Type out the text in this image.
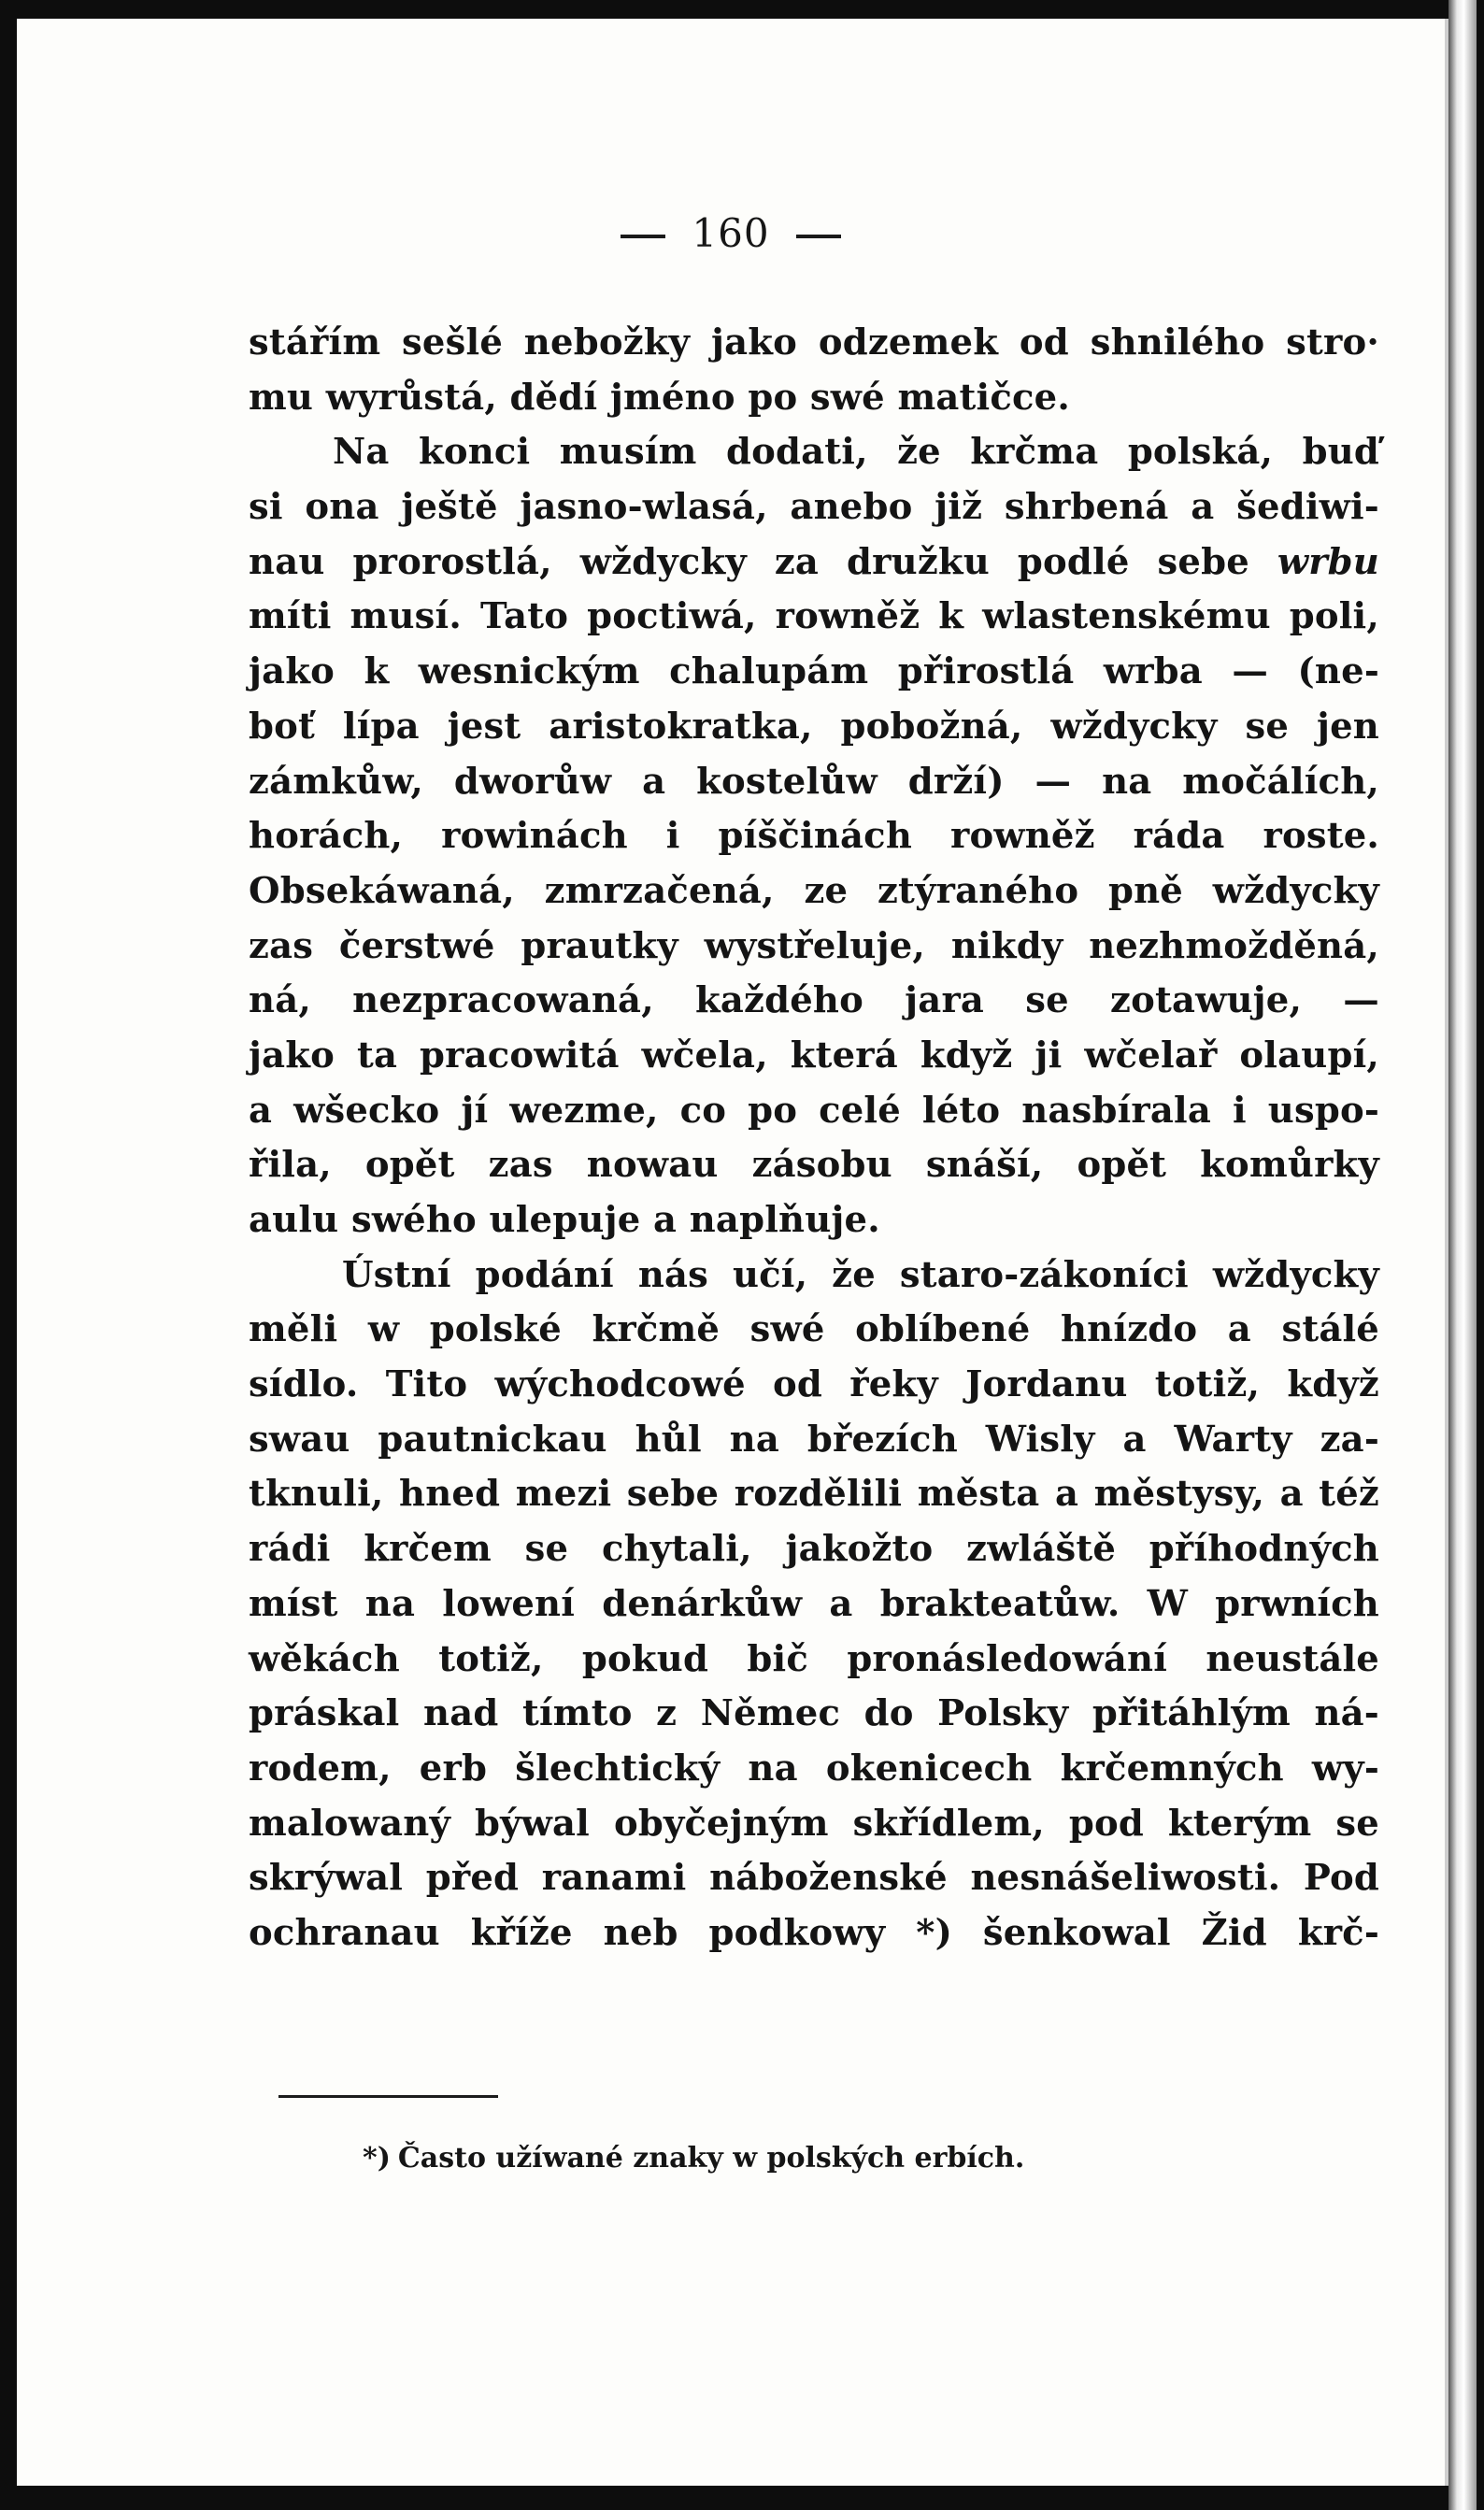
160
stářím sešlé nebožky jako odzemek od shnilého stro·
mu wyrůstá, dědí jméno po swé matičce.
Na konci musím dodati, že krčma polská, buď
si ona ještě jasno-wlasá, anebo již shrbená a šediwi-
nau prorostlá, wždycky za družku podlé sebe wrbu
míti musí. Tato poctiwá, rowněž k wlastenskému poli,
jako k wesnickým chalupám přirostlá wrba — (ne-
boť lípa jest aristokratka, pobožná, wždycky se jen
zámkůw, dworůw a kostelůw drží) — na močálích,
horách, rowinách i píščinách rowněž ráda roste.
Obsekáwaná, zmrzačená, ze ztýraného pně wždycky
zas čerstwé prautky wystřeluje, nikdy nezhmožděná,
ná, nezpracowaná, každého jara se zotawuje, —
jako ta pracowitá wčela, která když ji wčelař olaupí,
a wšecko jí wezme, co po celé léto nasbírala i uspo-
řila, opět zas nowau zásobu snáší, opět komůrky
aulu swého ulepuje a naplňuje.
Ústní podání nás učí, že staro-zákoníci wždycky
měli w polské krčmě swé oblíbené hnízdo a stálé
sídlo. Tito wýchodcowé od řeky Jordanu totiž, když
swau pautnickau hůl na březích Wisly a Warty za-
tknuli, hned mezi sebe rozdělili města a městysy, a též
rádi krčem se chytali, jakožto zwláště příhodných
míst na lowení denárkůw a brakteatůw. W prwních
wěkách totiž, pokud bič pronásledowání neustále
práskal nad tímto z Němec do Polsky přitáhlým ná-
rodem, erb šlechtický na okenicech krčemných wy-
malowaný býwal obyčejným skřídlem, pod kterým se
skrýwal před ranami náboženské nesnášeliwosti. Pod
ochranau kříže neb podkowy *) šenkowal Žid krč-
*) Často užíwané znaky w polských erbích.
